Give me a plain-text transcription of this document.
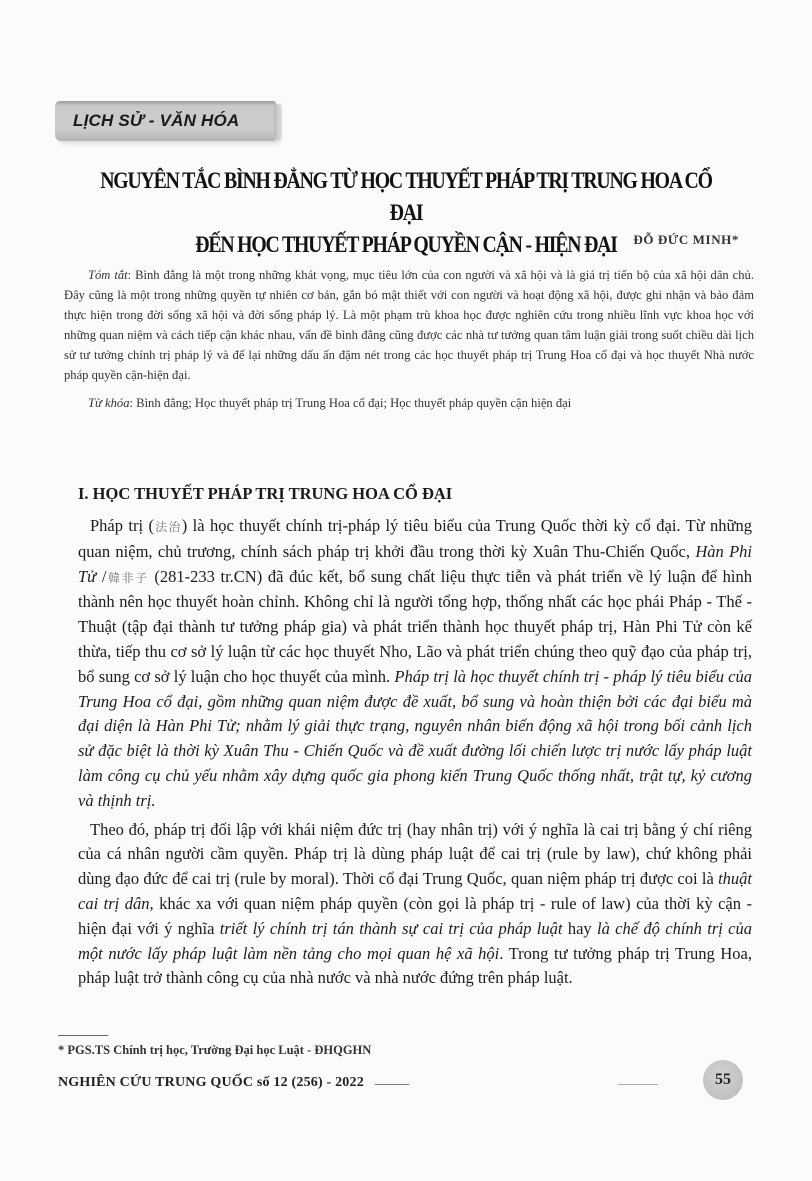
LỊCH SỬ - VĂN HÓA
NGUYÊN TẮC BÌNH ĐẲNG TỪ HỌC THUYẾT PHÁP TRỊ TRUNG HOA CỔ ĐẠI
ĐẾN HỌC THUYẾT PHÁP QUYỀN CẬN - HIỆN ĐẠI	ĐỖ ĐỨC MINH*

Tóm tắt: Bình đẳng là một trong những khát vọng, mục tiêu lớn của con người và xã hội và là giá trị tiến bộ của xã hội dân chủ. Đây cũng là một trong những quyền tự nhiên cơ bản, gắn bó mật thiết với con người và hoạt động xã hội, được ghi nhận và bảo đảm thực hiện trong đời sống xã hội và đời sống pháp lý. Là một phạm trù khoa học được nghiên cứu trong nhiều lĩnh vực khoa học với những quan niệm và cách tiếp cận khác nhau, vấn đề bình đẳng cũng được các nhà tư tưởng quan tâm luận giải trong suốt chiều dài lịch sử tư tưởng chính trị pháp lý và để lại những dấu ấn đậm nét trong các học thuyết pháp trị Trung Hoa cổ đại và học thuyết Nhà nước pháp quyền cận-hiện đại.

Từ khóa: Bình đẳng; Học thuyết pháp trị Trung Hoa cổ đại; Học thuyết pháp quyền cận hiện đại

I. HỌC THUYẾT PHÁP TRỊ TRUNG HOA CỔ ĐẠI

Pháp trị (法治) là học thuyết chính trị-pháp lý tiêu biểu của Trung Quốc thời kỳ cổ đại. Từ những quan niệm, chủ trương, chính sách pháp trị khởi đầu trong thời kỳ Xuân Thu-Chiến Quốc, Hàn Phi Tử /韓非子 (281-233 tr.CN) đã đúc kết, bổ sung chất liệu thực tiễn và phát triển về lý luận để hình thành nên học thuyết hoàn chỉnh. Không chỉ là người tổng hợp, thống nhất các học phái Pháp - Thế - Thuật (tập đại thành tư tưởng pháp gia) và phát triển thành học thuyết pháp trị, Hàn Phi Tử còn kế thừa, tiếp thu cơ sở lý luận từ các học thuyết Nho, Lão và phát triển chúng theo quỹ đạo của pháp trị, bổ sung cơ sở lý luận cho học thuyết của mình. Pháp trị là học thuyết chính trị - pháp lý tiêu biểu của Trung Hoa cổ đại, gồm những quan niệm được đề xuất, bổ sung và hoàn thiện bởi các đại biểu mà đại diện là Hàn Phi Tử; nhằm lý giải thực trạng, nguyên nhân biến động xã hội trong bối cảnh lịch sử đặc biệt là thời kỳ Xuân Thu - Chiến Quốc và đề xuất đường lối chiến lược trị nước lấy pháp luật làm công cụ chủ yếu nhằm xây dựng quốc gia phong kiến Trung Quốc thống nhất, trật tự, kỷ cương và thịnh trị.

Theo đó, pháp trị đối lập với khái niệm đức trị (hay nhân trị) với ý nghĩa là cai trị bằng ý chí riêng của cá nhân người cầm quyền. Pháp trị là dùng pháp luật để cai trị (rule by law), chứ không phải dùng đạo đức để cai trị (rule by moral). Thời cổ đại Trung Quốc, quan niệm pháp trị được coi là thuật cai trị dân, khác xa với quan niệm pháp quyền (còn gọi là pháp trị - rule of law) của thời kỳ cận - hiện đại với ý nghĩa triết lý chính trị tán thành sự cai trị của pháp luật hay là chế độ chính trị của một nước lấy pháp luật làm nền tảng cho mọi quan hệ xã hội. Trong tư tưởng pháp trị Trung Hoa, pháp luật trở thành công cụ của nhà nước và nhà nước đứng trên pháp luật.

* PGS.TS Chính trị học, Trường Đại học Luật - ĐHQGHN
NGHIÊN CỨU TRUNG QUỐC số 12 (256) - 2022	55
